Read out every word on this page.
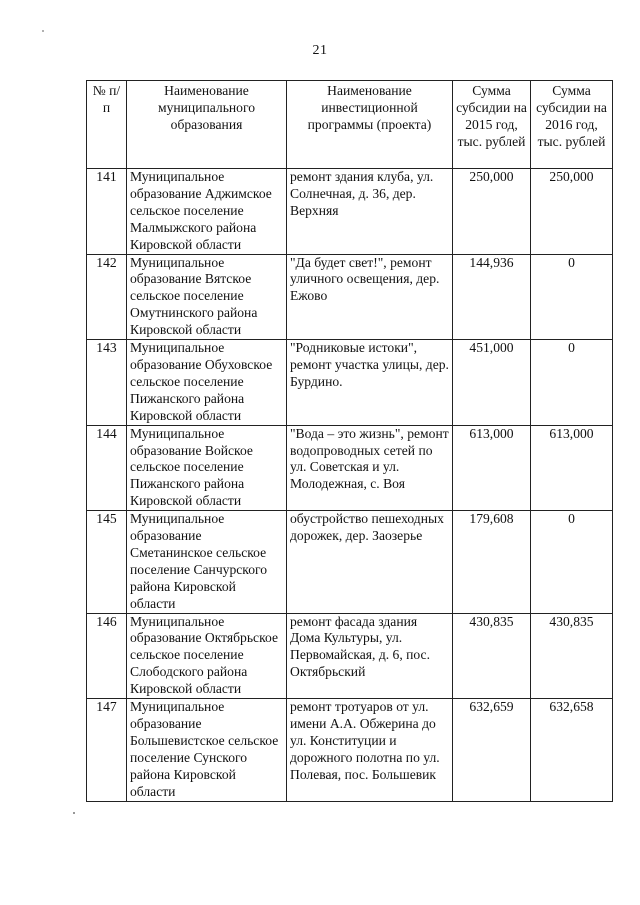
21
№ п/п	Наименование муниципального образования	Наименование инвестиционной программы (проекта)	Сумма субсидии на 2015 год, тыс. рублей	Сумма субсидии на 2016 год, тыс. рублей
141	Муниципальное образование Аджимское сельское поселение Малмыжского района Кировской области	ремонт здания клуба, ул. Солнечная, д. 36, дер. Верхняя	250,000	250,000
142	Муниципальное образование Вятское сельское поселение Омутнинского района Кировской области	"Да будет свет!", ремонт уличного освещения, дер. Ежово	144,936	0
143	Муниципальное образование Обуховское сельское поселение Пижанского района Кировской области	"Родниковые истоки", ремонт участка улицы, дер. Бурдино.	451,000	0
144	Муниципальное образование Войское сельское поселение Пижанского района Кировской области	"Вода – это жизнь", ремонт водопроводных сетей по ул. Советская и ул. Молодежная, с. Воя	613,000	613,000
145	Муниципальное образование Сметанинское сельское поселение Санчурского района Кировской области	обустройство пешеходных дорожек, дер. Заозерье	179,608	0
146	Муниципальное образование Октябрьское сельское поселение Слободского района Кировской области	ремонт фасада здания Дома Культуры, ул. Первомайская, д. 6, пос. Октябрьский	430,835	430,835
147	Муниципальное образование Большевистское сельское поселение Сунского района Кировской области	ремонт тротуаров от ул. имени А.А. Обжерина до ул. Конституции и дорожного полотна по ул. Полевая, пос. Большевик	632,659	632,658
